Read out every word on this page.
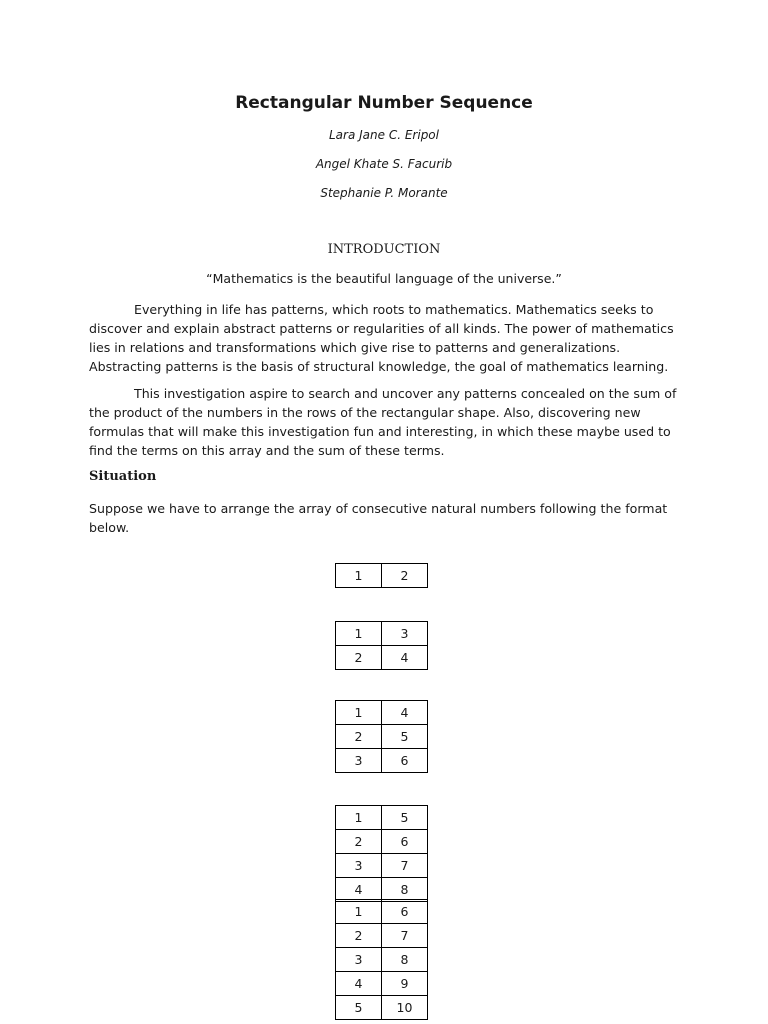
Rectangular Number Sequence
Lara Jane C. Eripol
Angel Khate S. Facurib
Stephanie P. Morante
INTRODUCTION
“Mathematics is the beautiful language of the universe.”
Everything in life has patterns, which roots to mathematics. Mathematics seeks to discover and explain abstract patterns or regularities of all kinds. The power of mathematics lies in relations and transformations which give rise to patterns and generalizations. Abstracting patterns is the basis of structural knowledge, the goal of mathematics learning.
This investigation aspire to search and uncover any patterns concealed on the sum of the product of the numbers in the rows of the rectangular shape. Also, discovering new formulas that will make this investigation fun and interesting, in which these maybe used to find the terms on this array and the sum of these terms.
Situation
Suppose we have to arrange the array of consecutive natural numbers following the format below.
1	2
1	3
2	4
1	4
2	5
3	6
1	5
2	6
3	7
4	8
1	6
2	7
3	8
4	9
5	10
